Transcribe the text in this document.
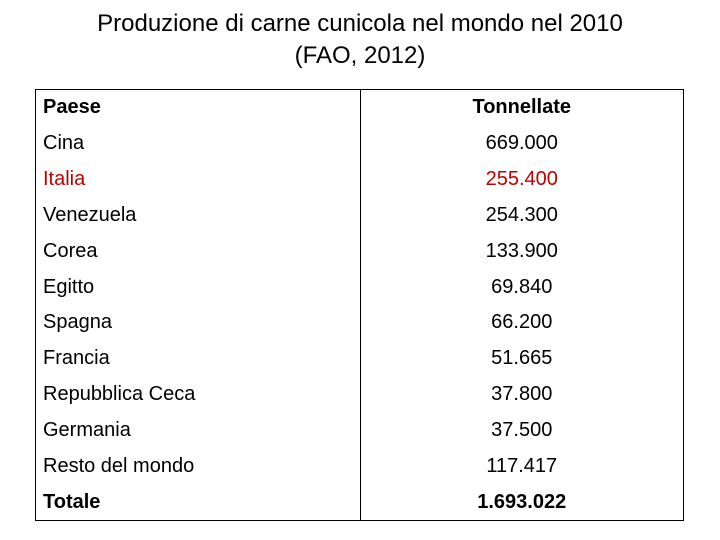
Produzione di carne cunicola nel mondo nel 2010
(FAO, 2012)
Paese	Tonnellate
Cina	669.000
Italia	255.400
Venezuela	254.300
Corea	133.900
Egitto	69.840
Spagna	66.200
Francia	51.665
Repubblica Ceca	37.800
Germania	37.500
Resto del mondo	117.417
Totale	1.693.022
